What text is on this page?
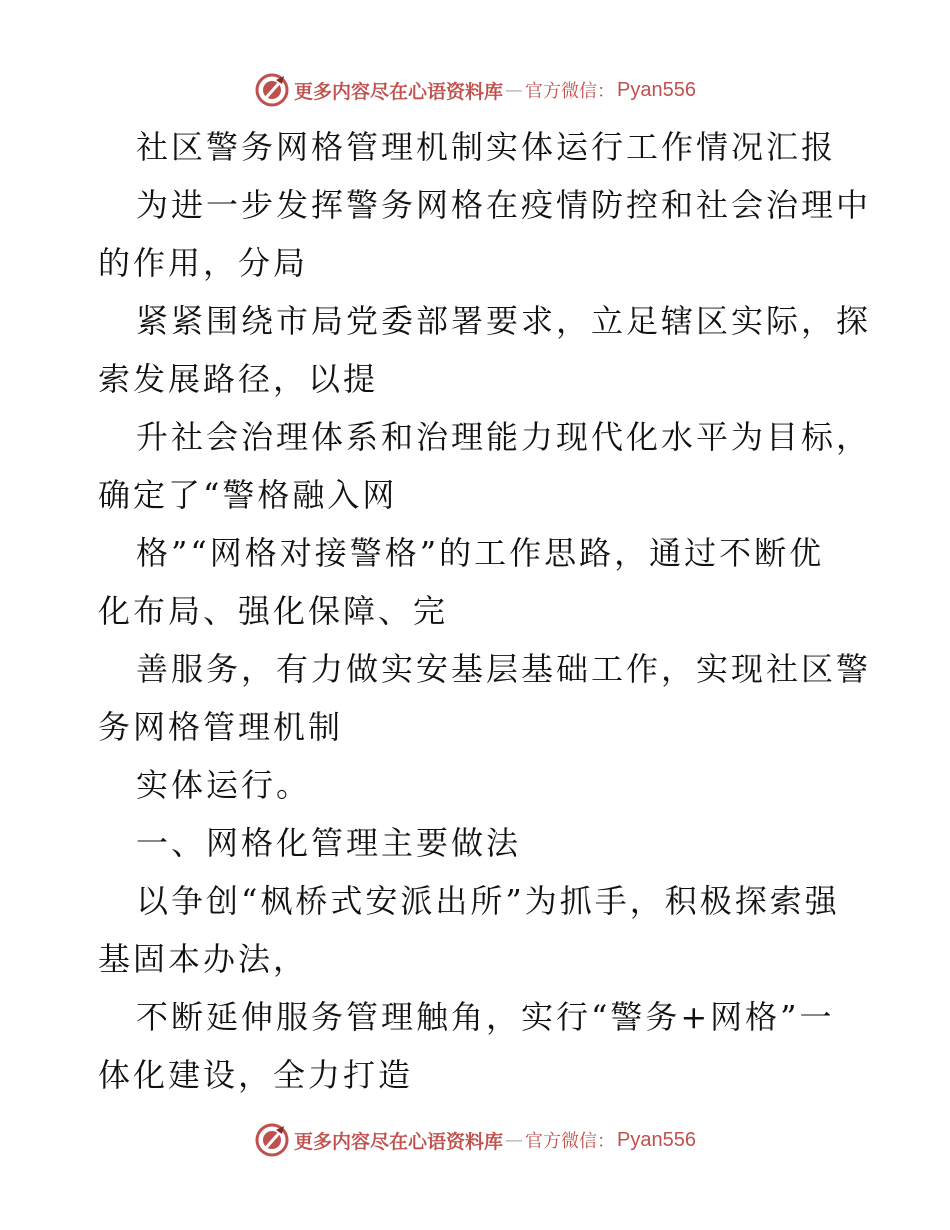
更多内容尽在心语资料库 — 官方微信： Pyan556
社区警务网格管理机制实体运行工作情况汇报
为进一步发挥警务网格在疫情防控和社会治理中
的作用，分局
紧紧围绕市局党委部署要求，立足辖区实际，探
索发展路径，以提
升社会治理体系和治理能力现代化水平为目标，
确定了“警格融入网
格”“网格对接警格”的工作思路，通过不断优
化布局、强化保障、完
善服务，有力做实安基层基础工作，实现社区警
务网格管理机制
实体运行。
一、网格化管理主要做法
以争创“枫桥式安派出所”为抓手，积极探索强
基固本办法，
不断延伸服务管理触角，实行“警务+网格”一
体化建设，全力打造
更多内容尽在心语资料库 — 官方微信： Pyan556
